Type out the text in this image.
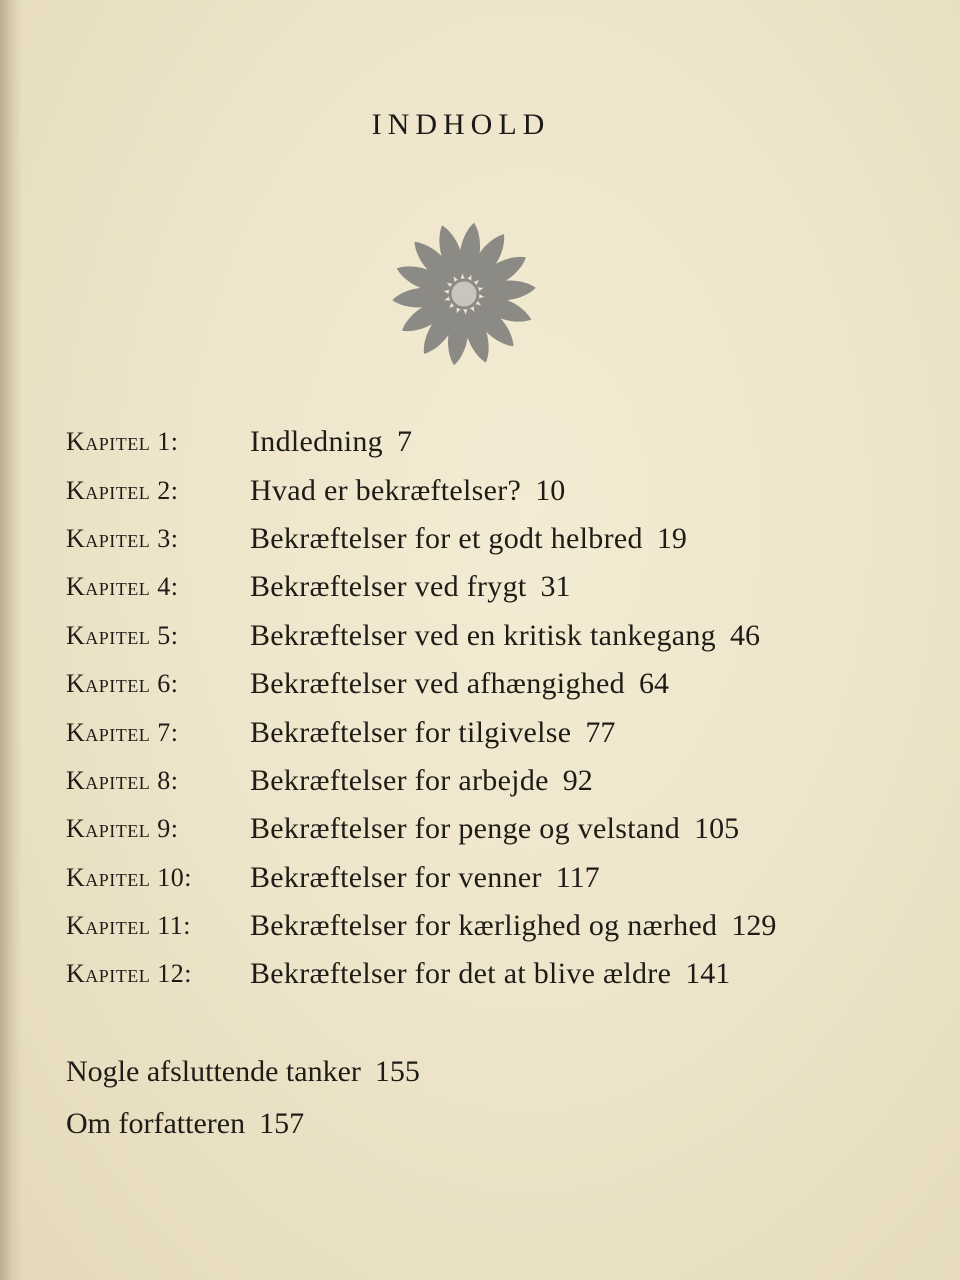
INDHOLD
Kapitel 1:	Indledning 7
Kapitel 2:	Hvad er bekræftelser? 10
Kapitel 3:	Bekræftelser for et godt helbred 19
Kapitel 4:	Bekræftelser ved frygt 31
Kapitel 5:	Bekræftelser ved en kritisk tankegang 46
Kapitel 6:	Bekræftelser ved afhængighed 64
Kapitel 7:	Bekræftelser for tilgivelse 77
Kapitel 8:	Bekræftelser for arbejde 92
Kapitel 9:	Bekræftelser for penge og velstand 105
Kapitel 10:	Bekræftelser for venner 117
Kapitel 11:	Bekræftelser for kærlighed og nærhed 129
Kapitel 12:	Bekræftelser for det at blive ældre 141
Nogle afsluttende tanker 155
Om forfatteren 157
